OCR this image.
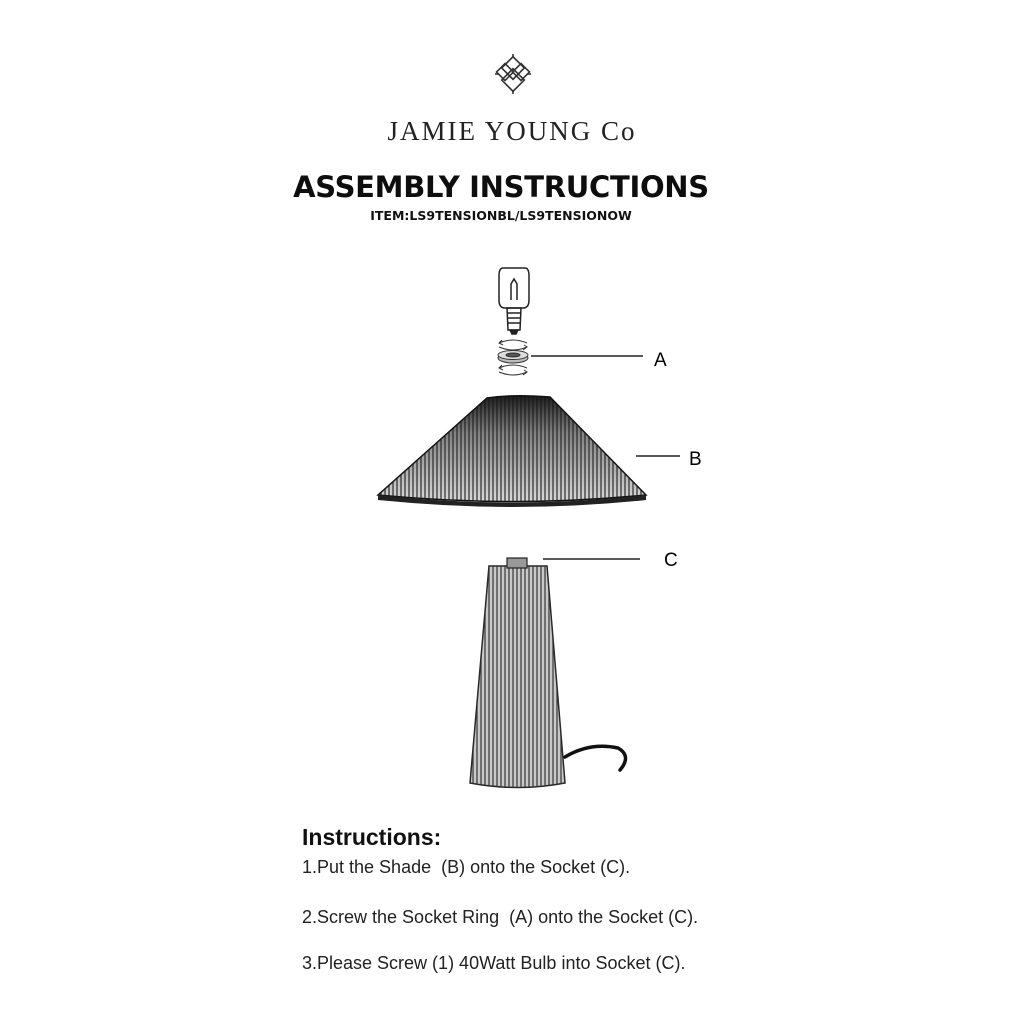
JAMIE YOUNG Co
ASSEMBLY INSTRUCTIONS
ITEM:LS9TENSIONBL/LS9TENSIONOW
A
B
C
Instructions:
1.Put the Shade  (B) onto the Socket (C).
2.Screw the Socket Ring  (A) onto the Socket (C).
3.Please Screw (1) 40Watt Bulb into Socket (C).
